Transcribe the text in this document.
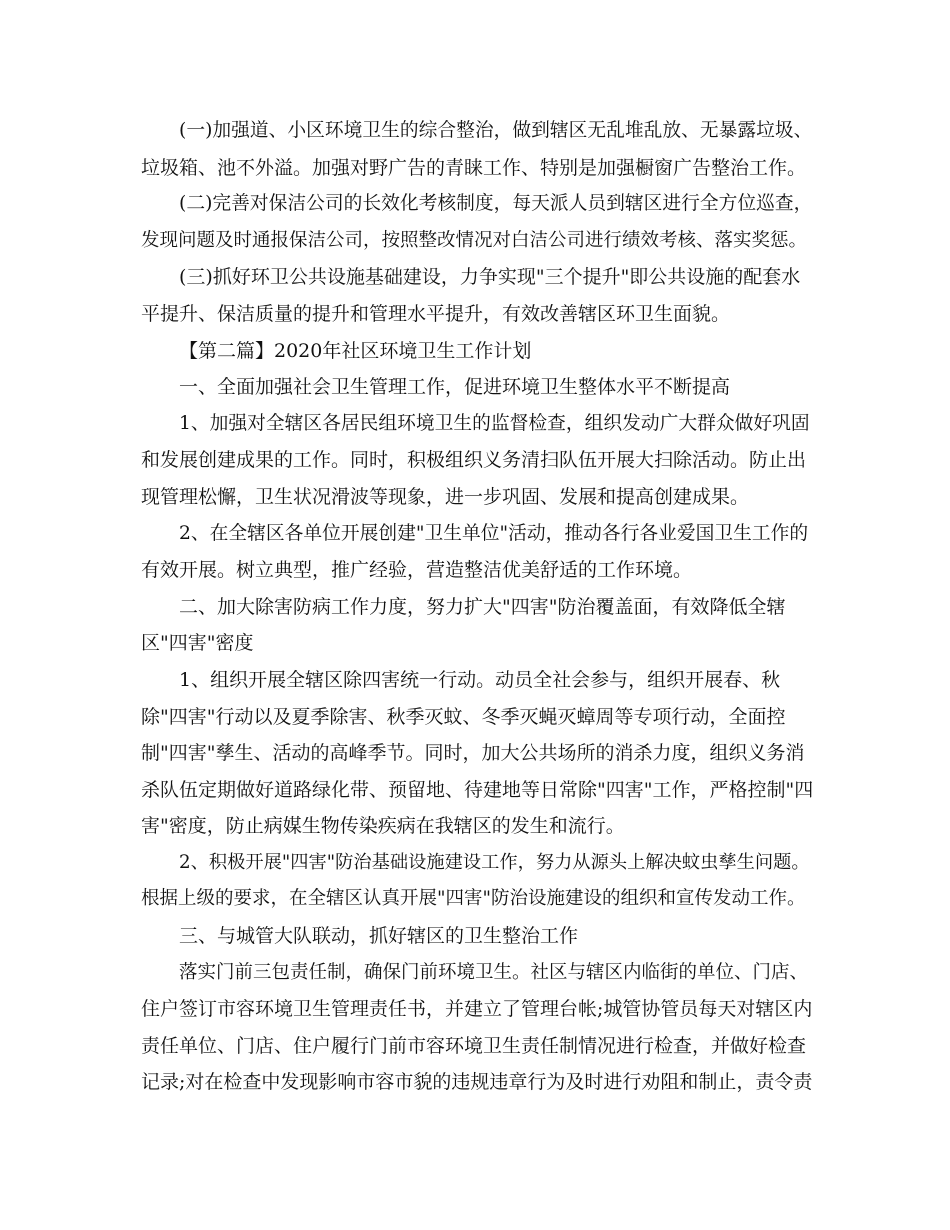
(一)加强道、小区环境卫生的综合整治，做到辖区无乱堆乱放、无暴露垃圾、
垃圾箱、池不外溢。加强对野广告的青睐工作、特别是加强橱窗广告整治工作。
(二)完善对保洁公司的长效化考核制度，每天派人员到辖区进行全方位巡查，
发现问题及时通报保洁公司，按照整改情况对白洁公司进行绩效考核、落实奖惩。
(三)抓好环卫公共设施基础建设，力争实现"三个提升"即公共设施的配套水
平提升、保洁质量的提升和管理水平提升，有效改善辖区环卫生面貌。
【第二篇】2020年社区环境卫生工作计划
一、全面加强社会卫生管理工作，促进环境卫生整体水平不断提高
1、加强对全辖区各居民组环境卫生的监督检查，组织发动广大群众做好巩固
和发展创建成果的工作。同时，积极组织义务清扫队伍开展大扫除活动。防止出
现管理松懈，卫生状况滑波等现象，进一步巩固、发展和提高创建成果。
2、在全辖区各单位开展创建"卫生单位"活动，推动各行各业爱国卫生工作的
有效开展。树立典型，推广经验，营造整洁优美舒适的工作环境。
二、加大除害防病工作力度，努力扩大"四害"防治覆盖面，有效降低全辖
区"四害"密度
1、组织开展全辖区除四害统一行动。动员全社会参与，组织开展春、秋
除"四害"行动以及夏季除害、秋季灭蚊、冬季灭蝇灭蟑周等专项行动，全面控
制"四害"孳生、活动的高峰季节。同时，加大公共场所的消杀力度，组织义务消
杀队伍定期做好道路绿化带、预留地、待建地等日常除"四害"工作，严格控制"四
害"密度，防止病媒生物传染疾病在我辖区的发生和流行。
2、积极开展"四害"防治基础设施建设工作，努力从源头上解决蚊虫孳生问题。
根据上级的要求，在全辖区认真开展"四害"防治设施建设的组织和宣传发动工作。
三、与城管大队联动，抓好辖区的卫生整治工作
落实门前三包责任制，确保门前环境卫生。社区与辖区内临街的单位、门店、
住户签订市容环境卫生管理责任书，并建立了管理台帐;城管协管员每天对辖区内
责任单位、门店、住户履行门前市容环境卫生责任制情况进行检查，并做好检查
记录;对在检查中发现影响市容市貌的违规违章行为及时进行劝阻和制止，责令责
